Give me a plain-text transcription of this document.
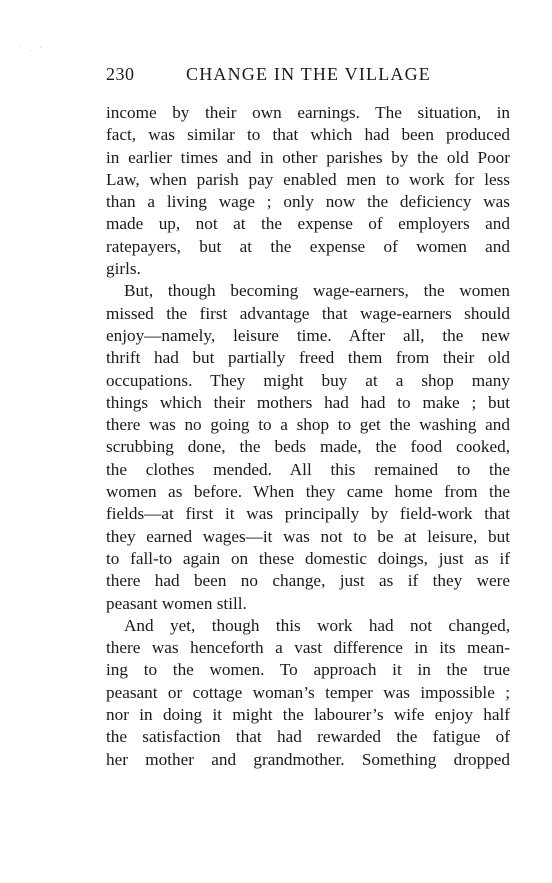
230	CHANGE IN THE VILLAGE
income by their own earnings. The situation, in
fact, was similar to that which had been produced
in earlier times and in other parishes by the old Poor
Law, when parish pay enabled men to work for less
than a living wage ; only now the deficiency was
made up, not at the expense of employers and
ratepayers, but at the expense of women and
girls.
But, though becoming wage-earners, the women
missed the first advantage that wage-earners should
enjoy—namely, leisure time. After all, the new
thrift had but partially freed them from their old
occupations. They might buy at a shop many
things which their mothers had had to make ; but
there was no going to a shop to get the washing and
scrubbing done, the beds made, the food cooked,
the clothes mended. All this remained to the
women as before. When they came home from the
fields—at first it was principally by field-work that
they earned wages—it was not to be at leisure, but
to fall-to again on these domestic doings, just as if
there had been no change, just as if they were
peasant women still.
And yet, though this work had not changed,
there was henceforth a vast difference in its mean-
ing to the women. To approach it in the true
peasant or cottage woman’s temper was impossible ;
nor in doing it might the labourer’s wife enjoy half
the satisfaction that had rewarded the fatigue of
her mother and grandmother. Something dropped
